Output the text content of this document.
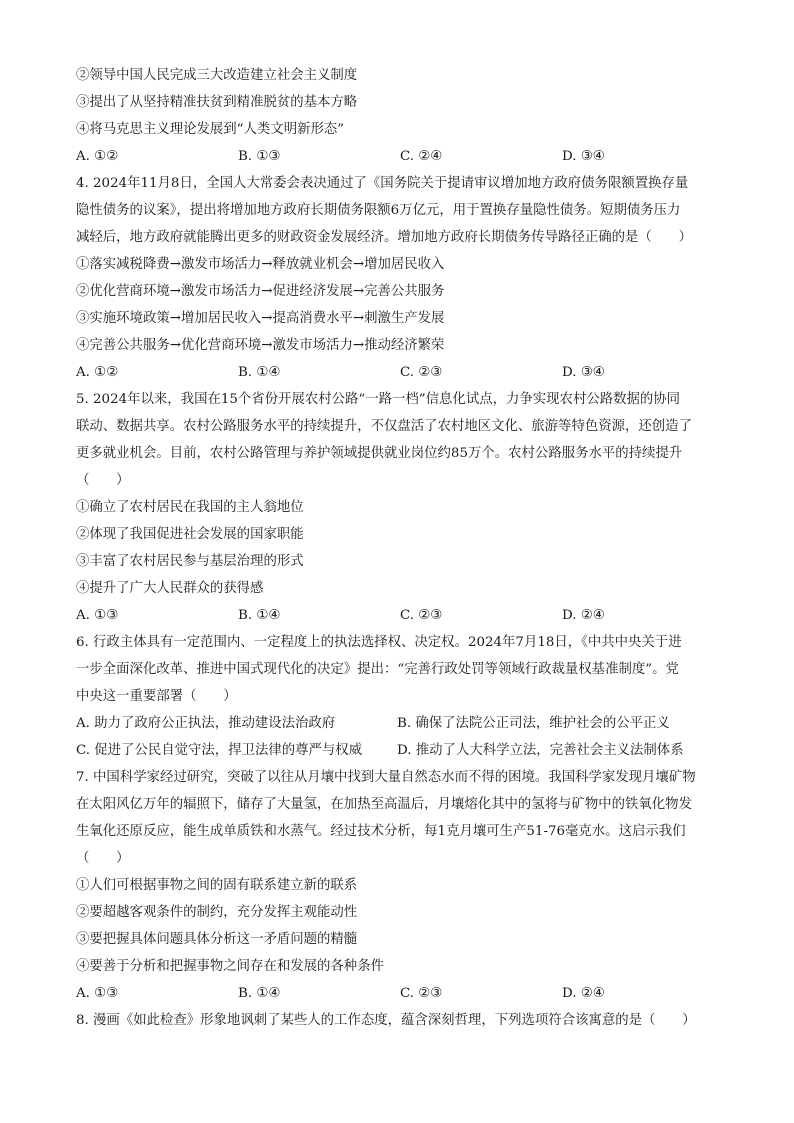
②领导中国人民完成三大改造建立社会主义制度
③提出了从坚持精准扶贫到精准脱贫的基本方略
④将马克思主义理论发展到“人类文明新形态”
A. ①②	B. ①③	C. ②④	D. ③④
4. 2024年11月8日，全国人大常委会表决通过了《国务院关于提请审议增加地方政府债务限额置换存量
隐性债务的议案》，提出将增加地方政府长期债务限额6万亿元，用于置换存量隐性债务。短期债务压力
减轻后，地方政府就能腾出更多的财政资金发展经济。增加地方政府长期债务传导路径正确的是（　　）
①落实减税降费→激发市场活力→释放就业机会→增加居民收入
②优化营商环境→激发市场活力→促进经济发展→完善公共服务
③实施环境政策→增加居民收入→提高消费水平→刺激生产发展
④完善公共服务→优化营商环境→激发市场活力→推动经济繁荣
A. ①②	B. ①④	C. ②③	D. ③④
5. 2024年以来，我国在15个省份开展农村公路“一路一档”信息化试点，力争实现农村公路数据的协同
联动、数据共享。农村公路服务水平的持续提升，不仅盘活了农村地区文化、旅游等特色资源，还创造了
更多就业机会。目前，农村公路管理与养护领域提供就业岗位约85万个。农村公路服务水平的持续提升
（　　）
①确立了农村居民在我国的主人翁地位
②体现了我国促进社会发展的国家职能
③丰富了农村居民参与基层治理的形式
④提升了广大人民群众的获得感
A. ①③	B. ①④	C. ②③	D. ②④
6. 行政主体具有一定范围内、一定程度上的执法选择权、决定权。2024年7月18日，《中共中央关于进
一步全面深化改革、推进中国式现代化的决定》提出：“完善行政处罚等领域行政裁量权基准制度”。党
中央这一重要部署（　　）
A. 助力了政府公正执法，推动建设法治政府	B. 确保了法院公正司法，维护社会的公平正义
C. 促进了公民自觉守法，捍卫法律的尊严与权威	D. 推动了人大科学立法，完善社会主义法制体系
7. 中国科学家经过研究，突破了以往从月壤中找到大量自然态水而不得的困境。我国科学家发现月壤矿物
在太阳风亿万年的辐照下，储存了大量氢，在加热至高温后，月壤熔化其中的氢将与矿物中的铁氧化物发
生氧化还原反应，能生成单质铁和水蒸气。经过技术分析，每1克月壤可生产51-76毫克水。这启示我们
（　　）
①人们可根据事物之间的固有联系建立新的联系
②要超越客观条件的制约，充分发挥主观能动性
③要把握具体问题具体分析这一矛盾问题的精髓
④要善于分析和把握事物之间存在和发展的各种条件
A. ①③	B. ①④	C. ②③	D. ②④
8. 漫画《如此检查》形象地讽刺了某些人的工作态度，蕴含深刻哲理，下列选项符合该寓意的是（　　）
